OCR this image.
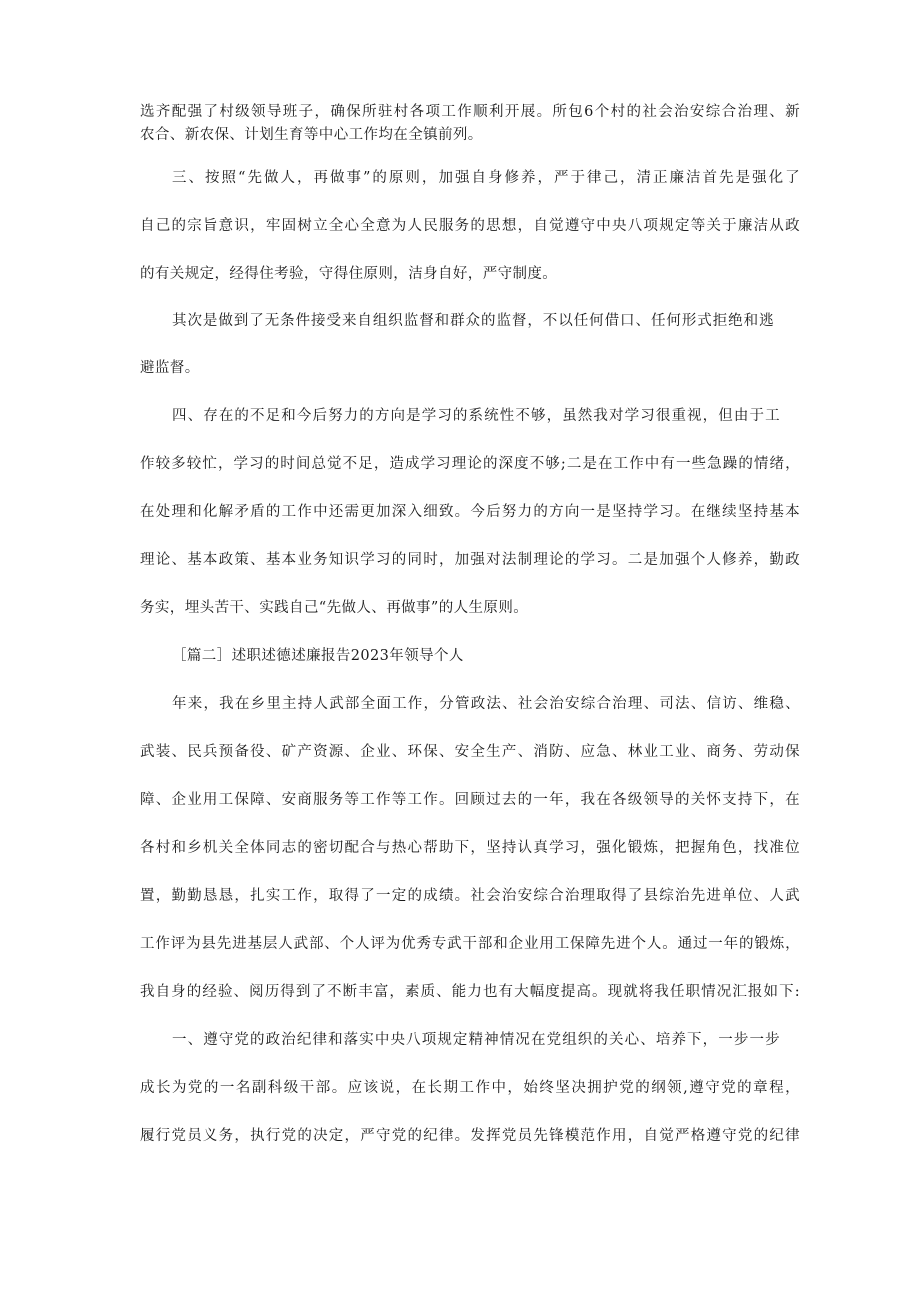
选齐配强了村级领导班子，确保所驻村各项工作顺利开展。所包6个村的社会治安综合治理、新
农合、新农保、计划生育等中心工作均在全镇前列。
三、按照“先做人，再做事”的原则，加强自身修养，严于律己，清正廉洁首先是强化了
自己的宗旨意识，牢固树立全心全意为人民服务的思想，自觉遵守中央八项规定等关于廉洁从政
的有关规定，经得住考验，守得住原则，洁身自好，严守制度。
其次是做到了无条件接受来自组织监督和群众的监督，不以任何借口、任何形式拒绝和逃
避监督。
四、存在的不足和今后努力的方向是学习的系统性不够，虽然我对学习很重视，但由于工
作较多较忙，学习的时间总觉不足，造成学习理论的深度不够;二是在工作中有一些急躁的情绪，
在处理和化解矛盾的工作中还需更加深入细致。今后努力的方向一是坚持学习。在继续坚持基本
理论、基本政策、基本业务知识学习的同时，加强对法制理论的学习。二是加强个人修养，勤政
务实，埋头苦干、实践自己“先做人、再做事”的人生原则。
［篇二］述职述德述廉报告2023年领导个人
年来，我在乡里主持人武部全面工作，分管政法、社会治安综合治理、司法、信访、维稳、
武装、民兵预备役、矿产资源、企业、环保、安全生产、消防、应急、林业工业、商务、劳动保
障、企业用工保障、安商服务等工作等工作。回顾过去的一年，我在各级领导的关怀支持下，在
各村和乡机关全体同志的密切配合与热心帮助下，坚持认真学习，强化锻炼，把握角色，找准位
置，勤勤恳恳，扎实工作，取得了一定的成绩。社会治安综合治理取得了县综治先进单位、人武
工作评为县先进基层人武部、个人评为优秀专武干部和企业用工保障先进个人。通过一年的锻炼，
我自身的经验、阅历得到了不断丰富，素质、能力也有大幅度提高。现就将我任职情况汇报如下:
一、遵守党的政治纪律和落实中央八项规定精神情况在党组织的关心、培养下，一步一步
成长为党的一名副科级干部。应该说，在长期工作中，始终坚决拥护党的纲领,遵守党的章程，
履行党员义务，执行党的决定，严守党的纪律。发挥党员先锋模范作用，自觉严格遵守党的纪律
